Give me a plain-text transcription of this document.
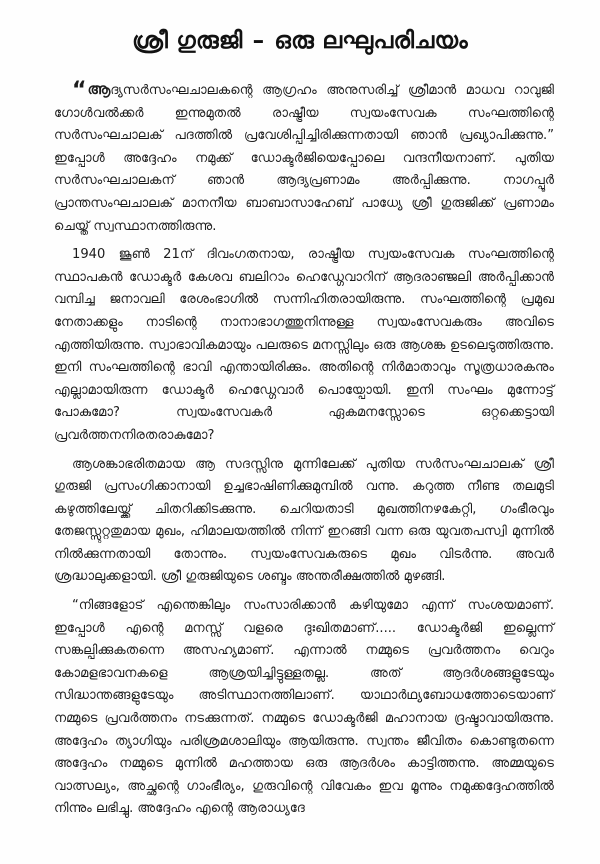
ശ്രീ ഗുരുജി – ഒരു ലഘുപരിചയം

“ആദ്യസർസംഘചാലകന്റെ ആഗ്രഹം അനുസരിച്ച് ശ്രീമാൻ മാധവ റാവുജി ഗോൾവൽക്കർ ഇന്നുമുതൽ രാഷ്ട്രീയ സ്വയംസേവക സംഘത്തിന്റെ സർസംഘചാലക് പദത്തിൽ പ്രവേശിപ്പിച്ചിരിക്കുന്നതായി ഞാൻ പ്രഖ്യാപിക്കുന്നു.” ഇപ്പോൾ അദ്ദേഹം നമുക്ക് ഡോക്ടർജിയെപ്പോലെ വന്ദനീയനാണ്. പുതിയ സർസംഘചാലകന് ഞാൻ ആദ്യപ്രണാമം അർപ്പിക്കുന്നു. നാഗപ്പൂർ പ്രാന്തസംഘചാലക് മാനനീയ ബാബാസാഹേബ് പാധ്യേ ശ്രീ ഗുരുജിക്ക് പ്രണാമം ചെയ്ത് സ്വസ്ഥാനത്തിരുന്നു.

1940 ജൂൺ 21ന് ദിവംഗതനായ, രാഷ്ട്രീയ സ്വയംസേവക സംഘത്തിന്റെ സ്ഥാപകൻ ഡോക്ടർ കേശവ ബലിറാം ഹെഡ്ഗേവാറിന് ആദരാഞ്ജലി അർപ്പിക്കാൻ വമ്പിച്ച ജനാവലി രേശംഭാഗിൽ സന്നിഹിതരായിരുന്നു. സംഘത്തിന്റെ പ്രമുഖ നേതാക്കളും നാടിന്റെ നാനാഭാഗത്തുനിന്നുള്ള സ്വയംസേവകരും അവിടെ എത്തിയിരുന്നു. സ്വാഭാവികമായും പലരുടെ മനസ്സിലും ഒരു ആശങ്ക ഉടലെടുത്തിരുന്നു. ഇനി സംഘത്തിന്റെ ഭാവി എന്തായിരിക്കും. അതിന്റെ നിർമാതാവും സൂത്രധാരകനും എല്ലാമായിരുന്ന ഡോക്ടർ ഹെഡ്ഗേവാർ പൊയ്പോയി. ഇനി സംഘം മുന്നോട്ട് പോകുമോ? സ്വയംസേവകർ ഏകമനസ്സോടെ ഒറ്റക്കെട്ടായി പ്രവർത്തനനിരതരാകുമോ?

ആശങ്കാഭരിതമായ ആ സദസ്സിനു മുന്നിലേക്ക് പുതിയ സർസംഘചാലക് ശ്രീ ഗുരുജി പ്രസംഗിക്കാനായി ഉച്ചഭാഷിണിക്കുമുമ്പിൽ വന്നു. കറുത്ത നീണ്ട തലമുടി കഴുത്തിലേയ്ക്ക് ചിതറിക്കിടക്കുന്നു. ചെറിയതാടി മുഖത്തിനഴകേറ്റി, ഗംഭീരവും തേജസ്സുറ്റതുമായ മുഖം, ഹിമാലയത്തിൽ നിന്ന് ഇറങ്ങി വന്ന ഒരു യുവതപസ്വി മുന്നിൽ നിൽക്കുന്നതായി തോന്നും. സ്വയംസേവകരുടെ മുഖം വിടർന്നു. അവർ ശ്രദ്ധാലുക്കളായി. ശ്രീ ഗുരുജിയുടെ ശബ്ദം അന്തരീക്ഷത്തിൽ മുഴങ്ങി.

“നിങ്ങളോട് എന്തെങ്കിലും സംസാരിക്കാൻ കഴിയുമോ എന്ന് സംശയമാണ്. ഇപ്പോൾ എന്റെ മനസ്സ് വളരെ ദുഃഖിതമാണ്..... ഡോക്ടർജി ഇല്ലെന്ന് സങ്കല്പിക്കുകതന്നെ അസഹ്യമാണ്. എന്നാൽ നമ്മുടെ പ്രവർത്തനം വെറും കോമളഭാവനകളെ ആശ്രയിച്ചിട്ടുള്ളതല്ല. അത് ആദർശങ്ങളുടേയും സിദ്ധാന്തങ്ങളുടേയും അടിസ്ഥാനത്തിലാണ്. യാഥാർഥ്യബോധത്തോടെയാണ് നമ്മുടെ പ്രവർത്തനം നടക്കുന്നത്. നമ്മുടെ ഡോക്ടർജി മഹാനായ ദ്രഷ്ടാവായിരുന്നു. അദ്ദേഹം ത്യാഗിയും പരിശ്രമശാലിയും ആയിരുന്നു. സ്വന്തം ജീവിതം കൊണ്ടുതന്നെ അദ്ദേഹം നമ്മുടെ മുന്നിൽ മഹത്തായ ഒരു ആദർശം കാട്ടിത്തന്നു. അമ്മയുടെ വാത്സല്യം, അച്ഛന്റെ ഗാംഭീര്യം, ഗുരുവിന്റെ വിവേകം ഇവ മൂന്നും നമുക്കദ്ദേഹത്തിൽ നിന്നും ലഭിച്ചു. അദ്ദേഹം എന്റെ ആരാധ്യദേ
